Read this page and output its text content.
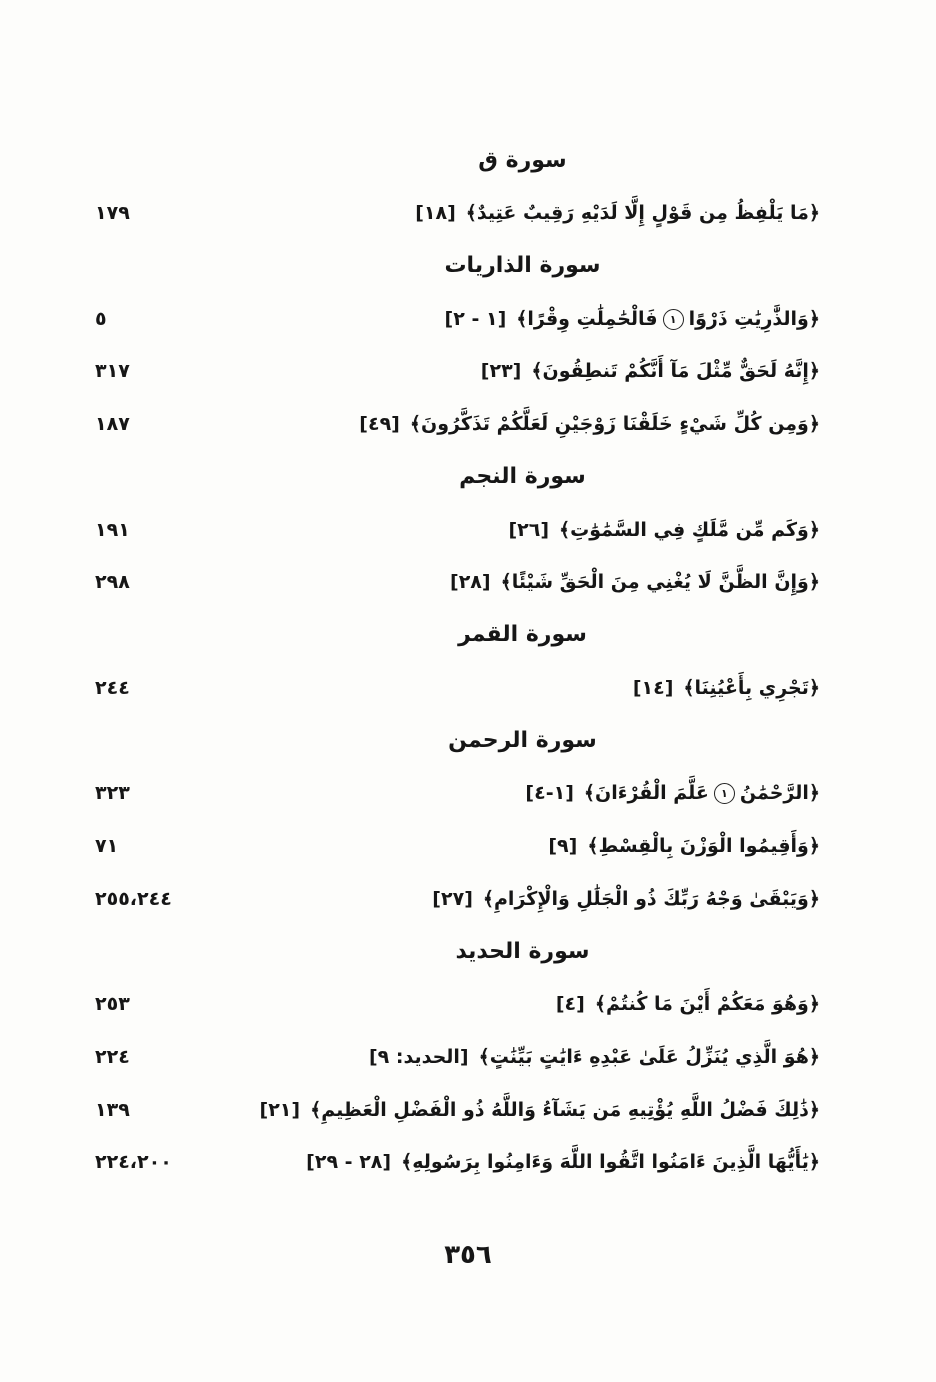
سورة ق
﴿مَا يَلْفِظُ مِن قَوْلٍ إِلَّا لَدَيْهِ رَقِيبٌ عَتِيدٌ﴾[١٨]
١٧٩
سورة الذاريات
﴿وَالذَّٰرِيَٰتِ ذَرْوًا١فَالْحَٰمِلَٰتِ وِقْرًا﴾[١ - ٢]
٥
﴿إِنَّهُ لَحَقٌّ مِّثْلَ مَآ أَنَّكُمْ تَنطِقُونَ﴾[٢٣]
٣١٧
﴿وَمِن كُلِّ شَيْءٍ خَلَقْنَا زَوْجَيْنِ لَعَلَّكُمْ تَذَكَّرُونَ﴾[٤٩]
١٨٧
سورة النجم
﴿وَكَم مِّن مَّلَكٍ فِي السَّمَٰوَٰتِ﴾[٢٦]
١٩١
﴿وَإِنَّ الظَّنَّ لَا يُغْنِي مِنَ الْحَقِّ شَيْئًا﴾[٢٨]
٢٩٨
سورة القمر
﴿تَجْرِي بِأَعْيُنِنَا﴾[١٤]
٢٤٤
سورة الرحمن
﴿الرَّحْمَٰنُ١عَلَّمَ الْقُرْءَانَ﴾[١-٤]
٣٢٣
﴿وَأَقِيمُوا الْوَزْنَ بِالْقِسْطِ﴾[٩]
٧١
﴿وَيَبْقَىٰ وَجْهُ رَبِّكَ ذُو الْجَلَٰلِ وَالْإِكْرَامِ﴾[٢٧]
٢٤٤
،
٢٥٥
سورة الحديد
﴿وَهُوَ مَعَكُمْ أَيْنَ مَا كُنتُمْ﴾[٤]
٢٥٣
﴿هُوَ الَّذِي يُنَزِّلُ عَلَىٰ عَبْدِهِ ءَايَٰتٍ بَيِّنَٰتٍ﴾[الحديد: ٩]
٢٢٤
﴿ذَٰلِكَ فَضْلُ اللَّهِ يُؤْتِيهِ مَن يَشَآءُ وَاللَّهُ ذُو الْفَضْلِ الْعَظِيمِ﴾[٢١]
١٣٩
﴿يَٰأَيُّهَا الَّذِينَ ءَامَنُوا اتَّقُوا اللَّهَ وَءَامِنُوا بِرَسُولِهِ﴾[٢٨ - ٢٩]
٢٠٠
،
٢٢٤
٣٥٦
